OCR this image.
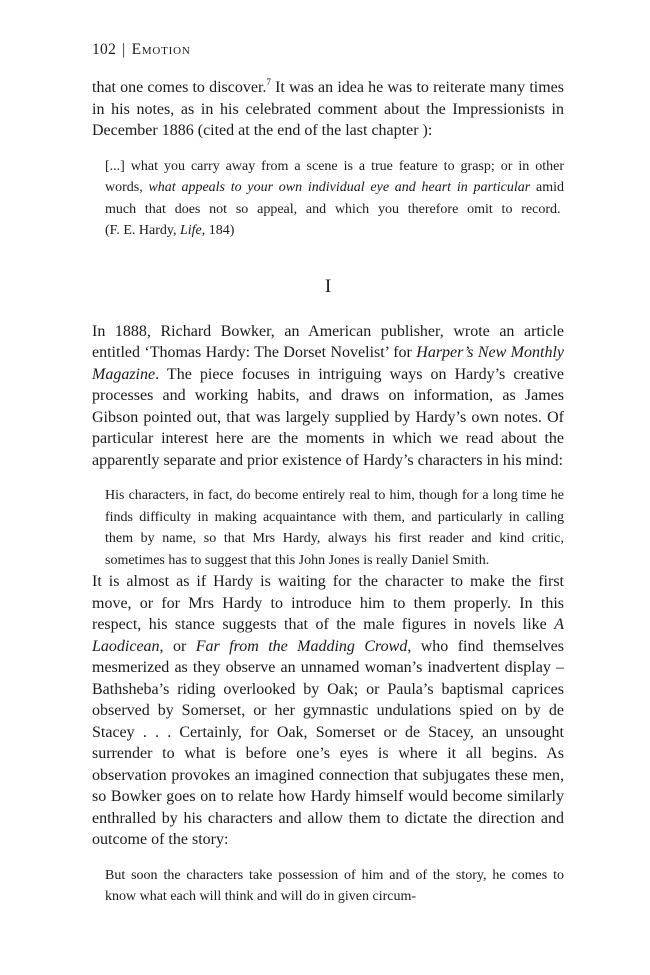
102 | Emotion

that one comes to discover.$^7$ It was an idea he was to reiterate many times in his notes, as in his celebrated comment about the Impressionists in December 1886 (cited at the end of the last chapter ):

[...] what you carry away from a scene is a true feature to grasp; or in other words, what appeals to your own individual eye and heart in particular amid much that does not so appeal, and which you therefore omit to record.  (F. E. Hardy, Life, 184)
I

In 1888, Richard Bowker, an American publisher, wrote an article entitled ‘Thomas Hardy: The Dorset Novelist’ for Harper’s New Monthly Magazine. The piece focuses in intriguing ways on Hardy’s creative processes and working habits, and draws on information, as James Gibson pointed out, that was largely supplied by Hardy’s own notes. Of particular interest here are the moments in which we read about the apparently separate and prior existence of Hardy’s characters in his mind:

His characters, in fact, do become entirely real to him, though for a long time he finds difficulty in making acquaintance with them, and particularly in calling them by name, so that Mrs Hardy, always his first reader and kind critic, sometimes has to suggest that this John Jones is really Daniel Smith.

It is almost as if Hardy is waiting for the character to make the first move, or for Mrs Hardy to introduce him to them properly. In this respect, his stance suggests that of the male figures in novels like A Laodicean, or Far from the Madding Crowd, who find themselves mesmerized as they observe an unnamed woman’s inadvertent display – Bathsheba’s riding overlooked by Oak; or Paula’s baptismal caprices observed by Somerset, or her gymnastic undulations spied on by de Stacey . . . Certainly, for Oak, Somerset or de Stacey, an unsought surrender to what is before one’s eyes is where it all begins. As observation provokes an imagined connection that subjugates these men, so Bowker goes on to relate how Hardy himself would become similarly enthralled by his characters and allow them to dictate the direction and outcome of the story:

But soon the characters take possession of him and of the story, he comes to know what each will think and will do in given circum-
